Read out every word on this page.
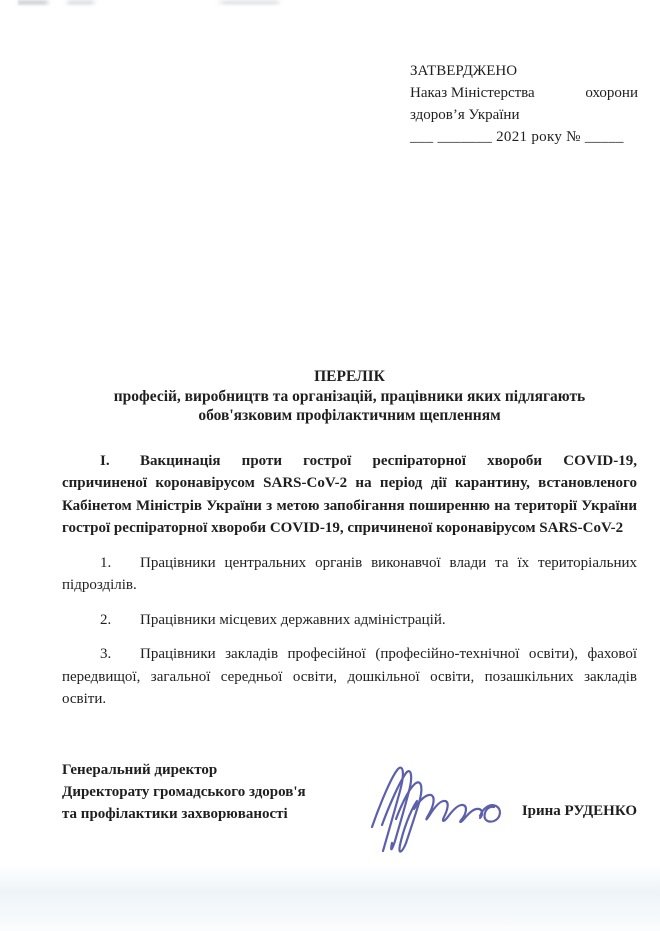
ЗАТВЕРДЖЕНО
Наказ Міністерства	охорони
здоров’я України
___ _______ 2021 року № _____
ПЕРЕЛІК
професій, виробництв та організацій, працівники яких підлягають
обов'язковим профілактичним щепленням

І. Вакцинація проти гострої респіраторної хвороби COVID-19, спричиненої коронавірусом SARS-CoV-2 на період дії карантину, встановленого Кабінетом Міністрів України з метою запобігання поширенню на території України гострої респіраторної хвороби COVID-19, спричиненої коронавірусом SARS-CoV-2

1. Працівники центральних органів виконавчої влади та їх територіальних підрозділів.

2. Працівники місцевих державних адміністрацій.

3. Працівники закладів професійної (професійно-технічної освіти), фахової передвищої, загальної середньої освіти, дошкільної освіти, позашкільних закладів освіти.

Генеральний директор
Директорату громадського здоров'я
та профілактики захворюваності	Ірина РУДЕНКО
